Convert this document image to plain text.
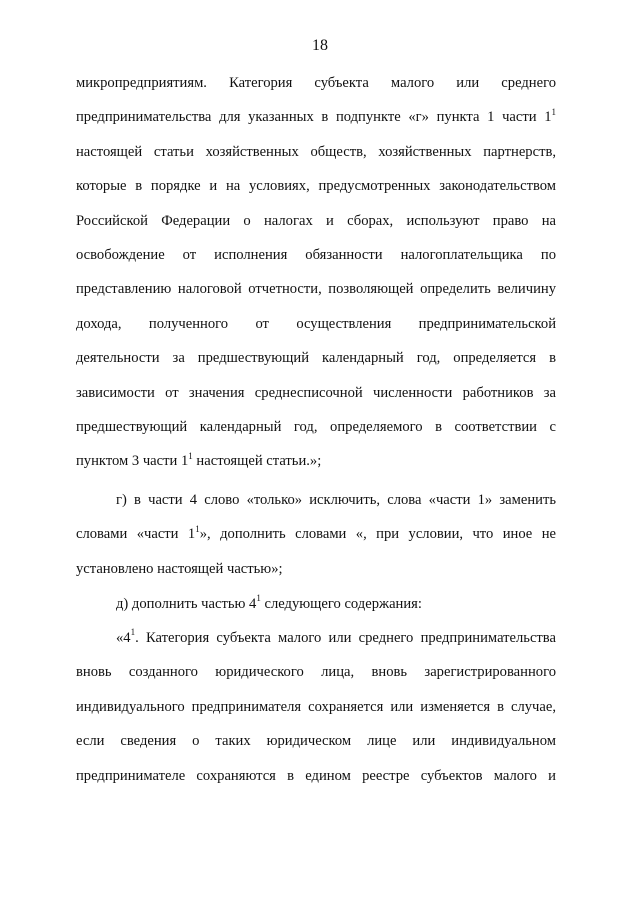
18
микропредприятиям. Категория субъекта малого или среднего
предпринимательства для указанных в подпункте «г» пункта 1 части $1^1$
настоящей статьи хозяйственных обществ, хозяйственных партнерств,
которые в порядке и на условиях, предусмотренных законодательством
Российской Федерации о налогах и сборах, используют право на
освобождение от исполнения обязанности налогоплательщика по
представлению налоговой отчетности, позволяющей определить величину
дохода, полученного от осуществления предпринимательской
деятельности за предшествующий календарный год, определяется в
зависимости от значения среднесписочной численности работников за
предшествующий календарный год, определяемого в соответствии с
пунктом 3 части $1^1$ настоящей статьи.»;
г) в части 4 слово «только» исключить, слова «части 1» заменить
словами «части $1^1$», дополнить словами «, при условии, что иное не
установлено настоящей частью»;
д) дополнить частью $4^1$ следующего содержания:
«$4^1$. Категория субъекта малого или среднего предпринимательства
вновь созданного юридического лица, вновь зарегистрированного
индивидуального предпринимателя сохраняется или изменяется в случае,
если сведения о таких юридическом лице или индивидуальном
предпринимателе сохраняются в едином реестре субъектов малого и
